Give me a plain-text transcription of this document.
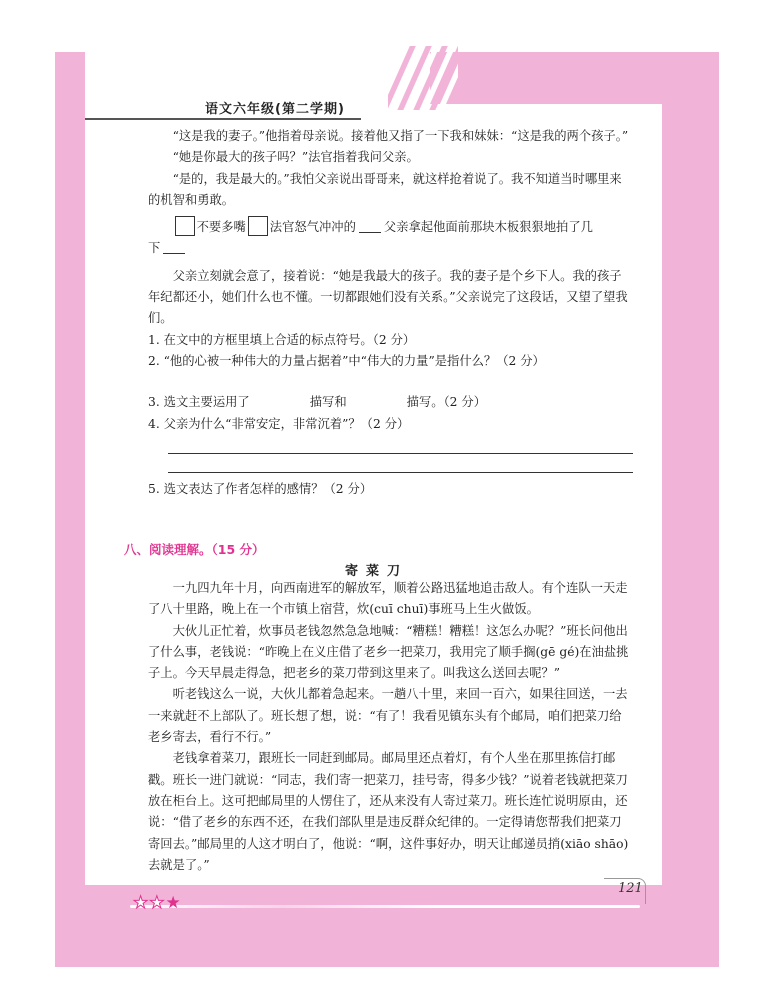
语文六年级(第二学期)

“这是我的妻子。”他指着母亲说。接着他又指了一下我和妹妹：“这是我的两个孩子。”

“她是你最大的孩子吗？”法官指着我问父亲。

“是的，我是最大的。”我怕父亲说出哥哥来，就这样抢着说了。我不知道当时哪里来的机智和勇敢。

不要多嘴 法官怒气冲冲的 父亲拿起他面前那块木板狠狠地拍了几

下

父亲立刻就会意了，接着说：“她是我最大的孩子。我的妻子是个乡下人。我的孩子年纪都还小，她们什么也不懂。一切都跟她们没有关系。”父亲说完了这段话，又望了望我们。

1. 在文中的方框里填上合适的标点符号。（2 分）

2. “他的心被一种伟大的力量占据着”中“伟大的力量”是指什么？（2 分）

3. 选文主要运用了	描写和	描写。（2 分）

4. 父亲为什么“非常安定，非常沉着”？（2 分）

5. 选文表达了作者怎样的感情？（2 分）

八、阅读理解。（15 分）
寄菜刀

一九四九年十月，向西南进军的解放军，顺着公路迅猛地追击敌人。有个连队一天走了八十里路，晚上在一个市镇上宿营，炊(cuī chuī)事班马上生火做饭。

大伙儿正忙着，炊事员老钱忽然急急地喊：“糟糕！糟糕！这怎么办呢？”班长问他出了什么事，老钱说：“昨晚上在义庄借了老乡一把菜刀，我用完了顺手搁(gē gé)在油盐挑子上。今天早晨走得急，把老乡的菜刀带到这里来了。叫我这么送回去呢？”

听老钱这么一说，大伙儿都着急起来。一趟八十里，来回一百六，如果往回送，一去一来就赶不上部队了。班长想了想，说：“有了！我看见镇东头有个邮局，咱们把菜刀给老乡寄去，看行不行。”

老钱拿着菜刀，跟班长一同赶到邮局。邮局里还点着灯，有个人坐在那里拣信打邮戳。班长一进门就说：“同志，我们寄一把菜刀，挂号寄，得多少钱？”说着老钱就把菜刀放在柜台上。这可把邮局里的人愣住了，还从来没有人寄过菜刀。班长连忙说明原由，还说：“借了老乡的东西不还，在我们部队里是违反群众纪律的。一定得请您帮我们把菜刀寄回去。”邮局里的人这才明白了，他说：“啊，这件事好办，明天让邮递员捎(xiāo shāo)去就是了。”

★★★
121
